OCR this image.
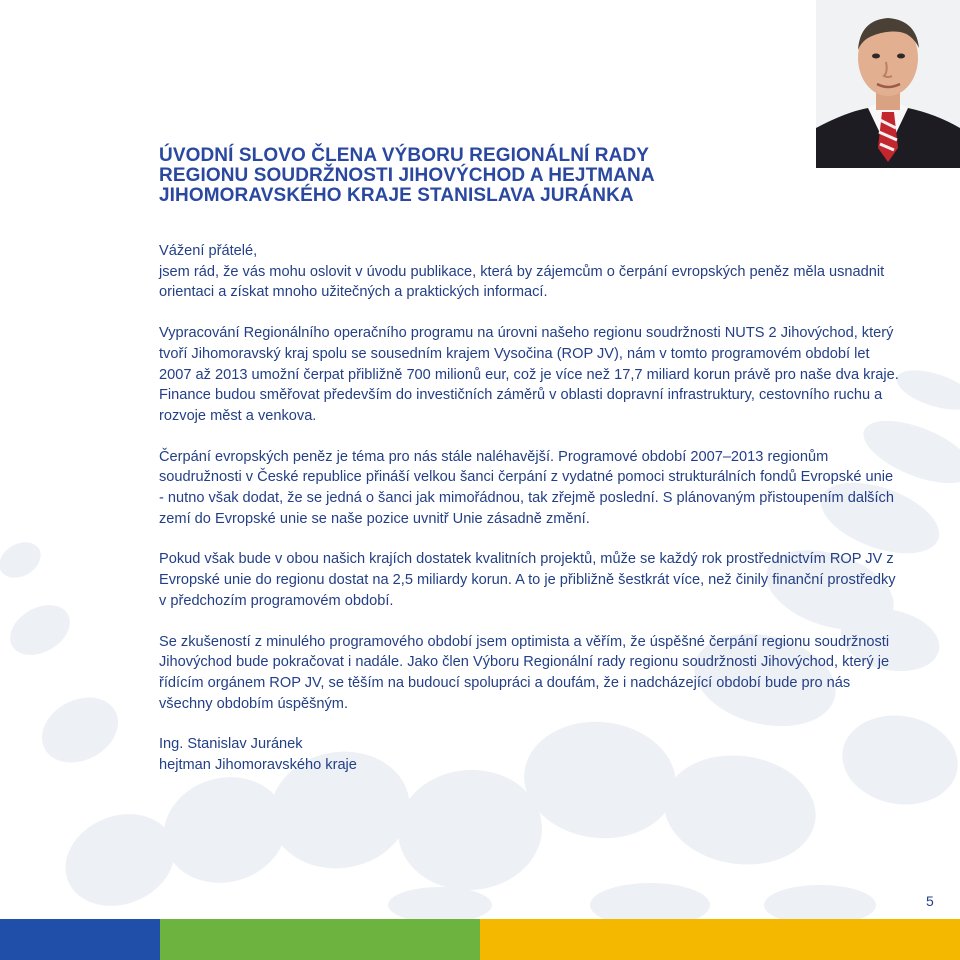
ÚVODNÍ SLOVO ČLENA VÝBORU REGIONÁLNÍ RADY
REGIONU SOUDRŽNOSTI JIHOVÝCHOD A HEJTMANA
JIHOMORAVSKÉHO KRAJE STANISLAVA JURÁNKA

Vážení přátelé,
jsem rád, že vás mohu oslovit v úvodu publikace, která by zájemcům o čerpání evropských peněz měla usnadnit orientaci a získat mnoho užitečných a praktických informací.

Vypracování Regionálního operačního programu na úrovni našeho regionu soudržnosti NUTS 2 Jihovýchod, který tvoří Jihomoravský kraj spolu se sousedním krajem Vysočina (ROP JV), nám v tomto programovém období let 2007 až 2013 umožní čerpat přibližně 700 milionů eur, což je více než 17,7 miliard korun právě pro naše dva kraje. Finance budou směřovat především do investičních záměrů v oblasti dopravní infrastruktury, cestovního ruchu a rozvoje měst a venkova.

Čerpání evropských peněz je téma pro nás stále naléhavější. Programové období 2007–2013 regionům soudružnosti v České republice přináší velkou šanci čerpání z vydatné pomoci strukturálních fondů Evropské unie - nutno však dodat, že se jedná o šanci jak mimořádnou, tak zřejmě poslední. S plánovaným přistoupením dalších zemí do Evropské unie se naše pozice uvnitř Unie zásadně změní.

Pokud však bude v obou našich krajích dostatek kvalitních projektů, může se každý rok prostřednictvím ROP JV z Evropské unie do regionu dostat na 2,5 miliardy korun. A to je přibližně šestkrát více, než činily finanční prostředky v předchozím programovém období.

Se zkušeností z minulého programového období jsem optimista a věřím, že úspěšné čerpání regionu soudržnosti Jihovýchod bude pokračovat i nadále. Jako člen Výboru Regionální rady regionu soudržnosti Jihovýchod, který je řídícím orgánem ROP JV, se těším na budoucí spolupráci a doufám, že i nadcházející období bude pro nás všechny obdobím úspěšným.

Ing. Stanislav Juránek
hejtman Jihomoravského kraje

5
